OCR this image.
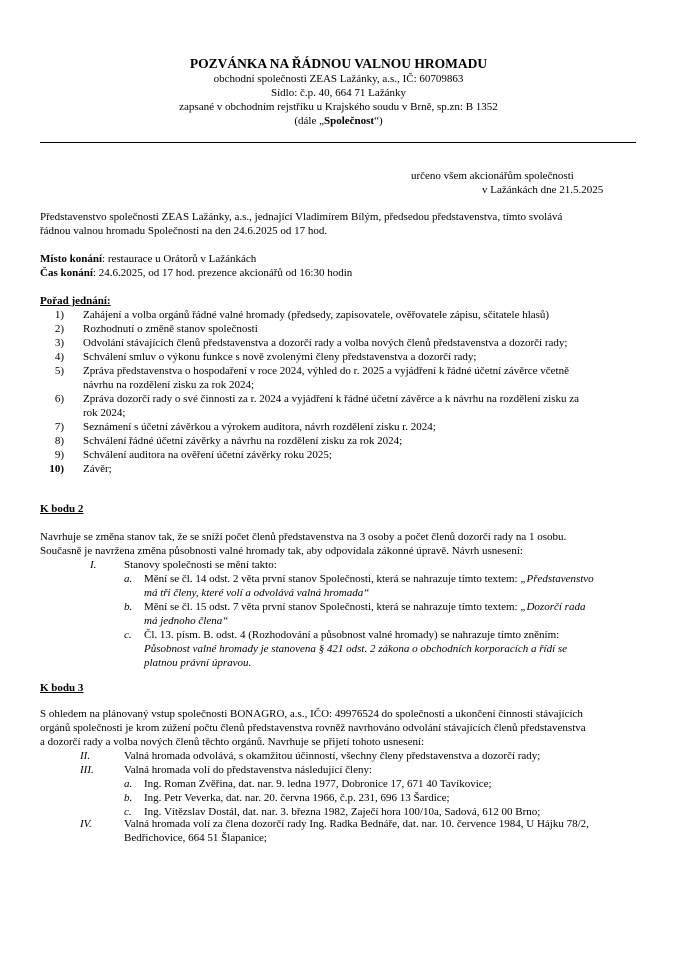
POZVÁNKA NA ŘÁDNOU VALNOU HROMADU
obchodní společnosti ZEAS Lažánky, a.s., IČ: 60709863
Sídlo: č.p. 40, 664 71 Lažánky
zapsané v obchodním rejstříku u Krajského soudu v Brně, sp.zn: B 1352
(dále „Společnost“)
určeno všem akcionářům společnosti
v Lažánkách dne 21.5.2025
Představenstvo společnosti ZEAS Lažánky, a.s., jednající Vladimírem Bílým, předsedou představenstva, tímto svolává
řádnou valnou hromadu Společnosti na den 24.6.2025 od 17 hod.
Místo konání: restaurace u Orátorů v Lažánkách
Čas konání: 24.6.2025, od 17 hod. prezence akcionářů od 16:30 hodin
Pořad jednání:
1) Zahájení a volba orgánů řádné valné hromady (předsedy, zapisovatele, ověřovatele zápisu, sčitatele hlasů)
2) Rozhodnutí o změně stanov společnosti
3) Odvolání stávajících členů představenstva a dozorčí rady a volba nových členů představenstva a dozorčí rady;
4) Schválení smluv o výkonu funkce s nově zvolenými členy představenstva a dozorčí rady;
5) Zpráva představenstva o hospodaření v roce 2024, výhled do r. 2025 a vyjádření k řádné účetní závěrce včetně
návrhu na rozdělení zisku za rok 2024;
6) Zpráva dozorčí rady o své činnosti za r. 2024 a vyjádření k řádné účetní závěrce a k návrhu na rozdělení zisku za
rok 2024;
7) Seznámení s účetní závěrkou a výrokem auditora, návrh rozdělení zisku r. 2024;
8) Schválení řádné účetní závěrky a návrhu na rozdělení zisku za rok 2024;
9) Schválení auditora na ověření účetní závěrky roku 2025;
10) Závěr;
K bodu 2
Navrhuje se změna stanov tak, že se sníží počet členů představenstva na 3 osoby a počet členů dozorčí rady na 1 osobu.
Současně je navržena změna působnosti valné hromady tak, aby odpovídala zákonné úpravě. Návrh usnesení:
I.	Stanovy společnosti se mění takto:
a. Mění se čl. 14 odst. 2 věta první stanov Společnosti, která se nahrazuje tímto textem: „Představenstvo
má tři členy, které volí a odvolává valná hromada“
b. Mění se čl. 15 odst. 7 věta první stanov Společnosti, která se nahrazuje tímto textem: „Dozorčí rada
má jednoho člena“
c. Čl. 13. písm. B. odst. 4 (Rozhodování a působnost valné hromady) se nahrazuje tímto zněním:
Působnost valné hromady je stanovena § 421 odst. 2 zákona o obchodních korporacích a řídí se
platnou právní úpravou.
K bodu 3
S ohledem na plánovaný vstup společnosti BONAGRO, a.s., IČO: 49976524 do společnosti a ukončení činnosti stávajících
orgánů společnosti je krom zúžení počtu členů představenstva rovněž navrhováno odvolání stávajících členů představenstva
a dozorčí rady a volba nových členů těchto orgánů. Navrhuje se přijetí tohoto usnesení:
II.	Valná hromada odvolává, s okamžitou účinností, všechny členy představenstva a dozorčí rady;
III.	Valná hromada volí do představenstva následující členy:
a. Ing. Roman Zvěřina, dat. nar. 9. ledna 1977, Dobronice 17, 671 40 Tavíkovice;
b. Ing. Petr Veverka, dat. nar. 20. června 1966, č.p. 231, 696 13 Šardice;
c. Ing. Vítězslav Dostál, dat. nar. 3. března 1982, Zaječí hora 100/10a, Sadová, 612 00 Brno;
IV.	Valná hromada volí za člena dozorčí rady Ing. Radka Bednáře, dat. nar. 10. července 1984, U Hájku 78/2,
Bedřichovice, 664 51 Šlapanice;
